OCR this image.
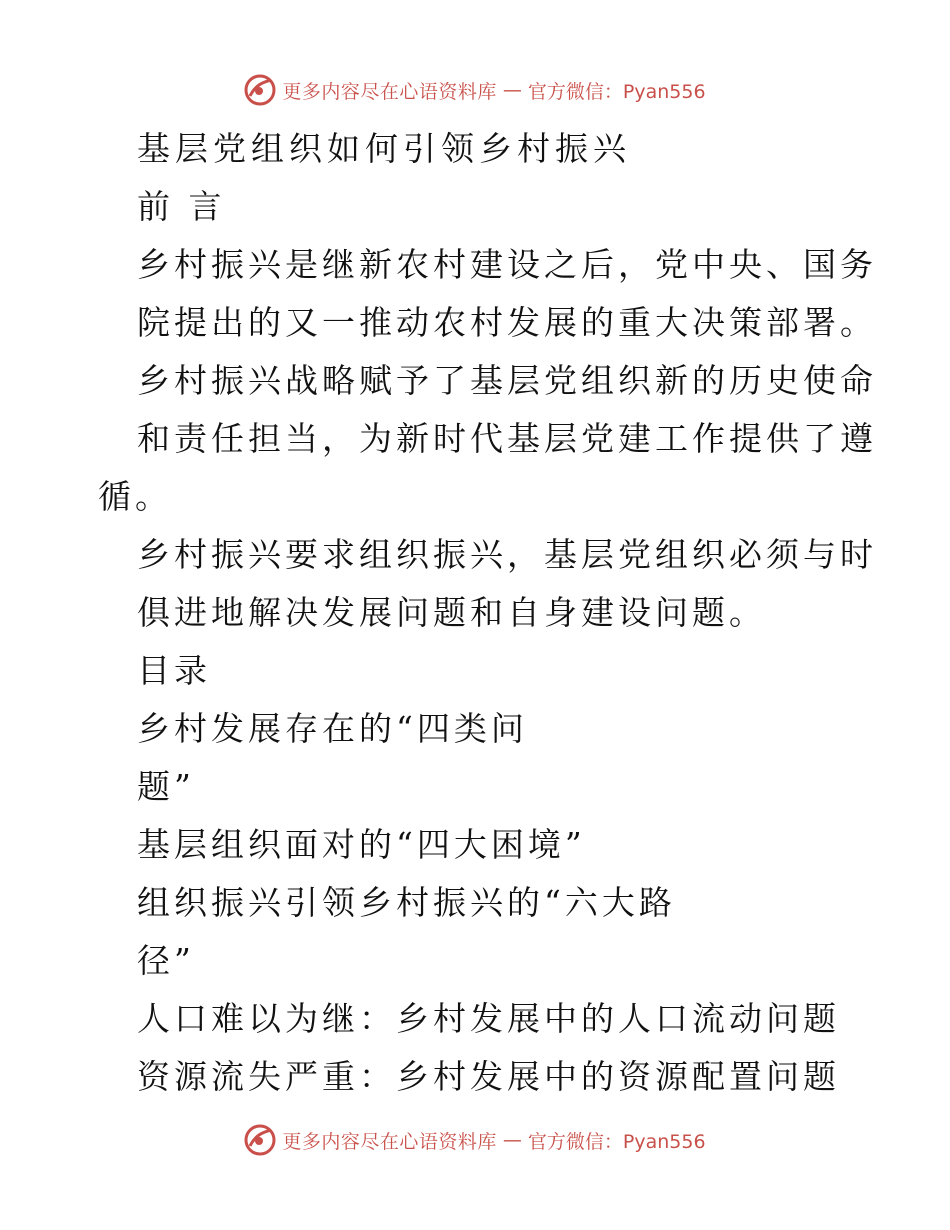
更多内容尽在心语资料库 — 官方微信：Pyan556
基层党组织如何引领乡村振兴
前 言
乡村振兴是继新农村建设之后，党中央、国务
院提出的又一推动农村发展的重大决策部署。
乡村振兴战略赋予了基层党组织新的历史使命
和责任担当，为新时代基层党建工作提供了遵
循。
乡村振兴要求组织振兴，基层党组织必须与时
俱进地解决发展问题和自身建设问题。
目录
乡村发展存在的“四类问
题”
基层组织面对的“四大困境”
组织振兴引领乡村振兴的“六大路
径”
人口难以为继：乡村发展中的人口流动问题
资源流失严重：乡村发展中的资源配置问题
更多内容尽在心语资料库 — 官方微信：Pyan556
